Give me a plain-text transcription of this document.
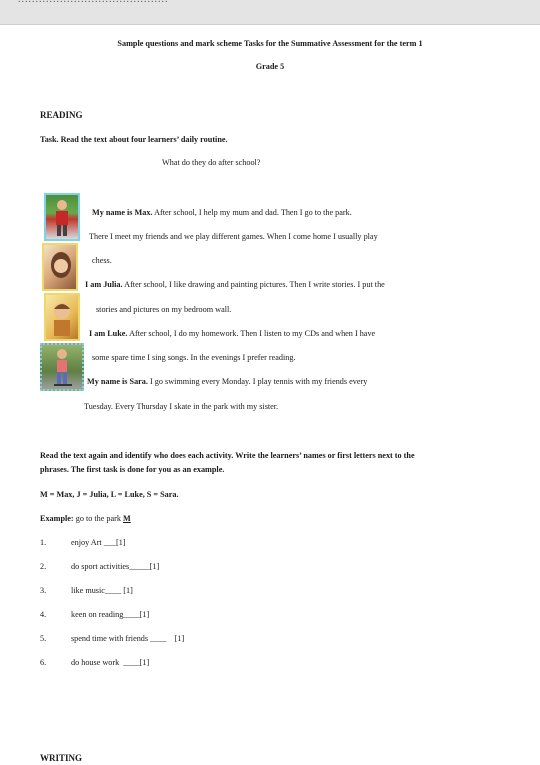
Sample questions and mark scheme Tasks for the Summative Assessment for the term 1
Grade 5
READING
Task. Read the text about four learners’ daily routine.
What do they do after school?
My name is Max. After school, I help my mum and dad. Then I go to the park.
There I meet my friends and we play different games. When I come home I usually play
chess.
I am Julia. After school, I like drawing and painting pictures. Then I write stories. I put the
stories and pictures on my bedroom wall.
I am Luke. After school, I do my homework. Then I listen to my CDs and when I have
some spare time I sing songs. In the evenings I prefer reading.
My name is Sara. I go swimming every Monday. I play tennis with my friends every
Tuesday. Every Thursday I skate in the park with my sister.
Read the text again and identify who does each activity. Write the learners’ names or first letters next to the
phrases. The first task is done for you as an example.
M = Max, J = Julia, L = Luke, S = Sara.
Example: go to the park M
1.	enjoy Art ___[1]
2.	do sport activities_____[1]
3.	like music____ [1]
4.	keen on reading____[1]
5.	spend time with friends ____    [1]
6.	do house work  ____[1]
WRITING
